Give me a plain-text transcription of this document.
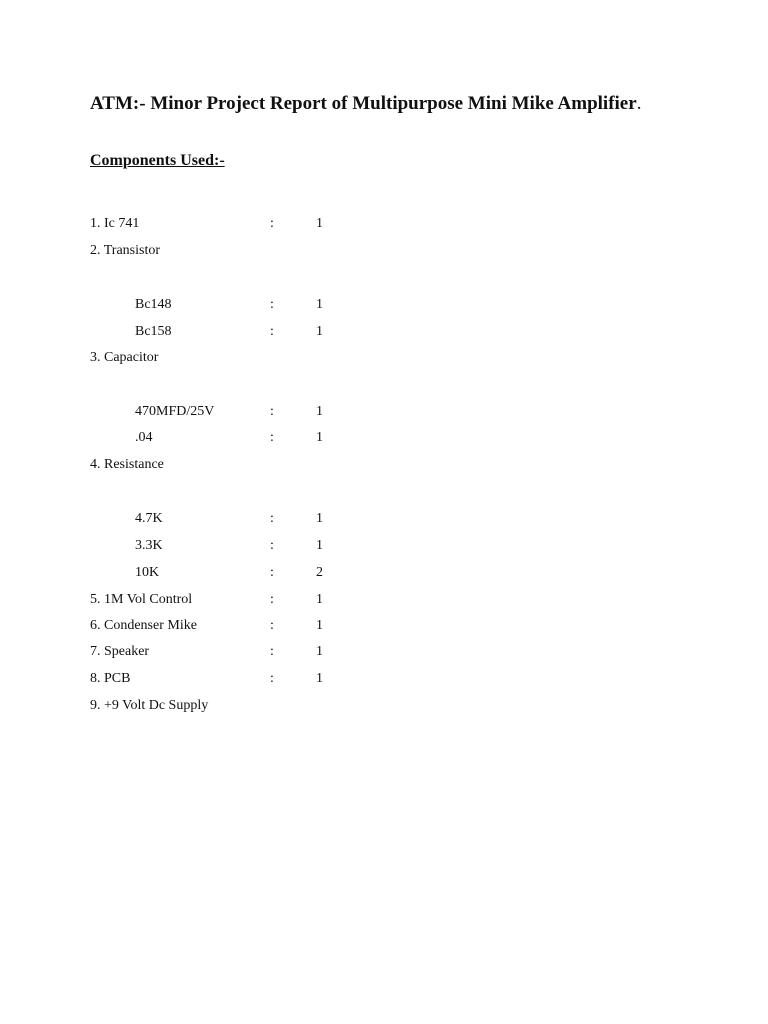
ATM:- Minor Project Report of Multipurpose Mini Mike Amplifier.
Components Used:-
1. Ic 741	:	1
2. Transistor
Bc148	:	1
Bc158	:	1
3. Capacitor
470MFD/25V	:	1
.04	:	1
4. Resistance
4.7K	:	1
3.3K	:	1
10K	:	2
5. 1M Vol Control	:	1
6. Condenser Mike	:	1
7. Speaker	:	1
8. PCB	:	1
9. +9 Volt Dc Supply
